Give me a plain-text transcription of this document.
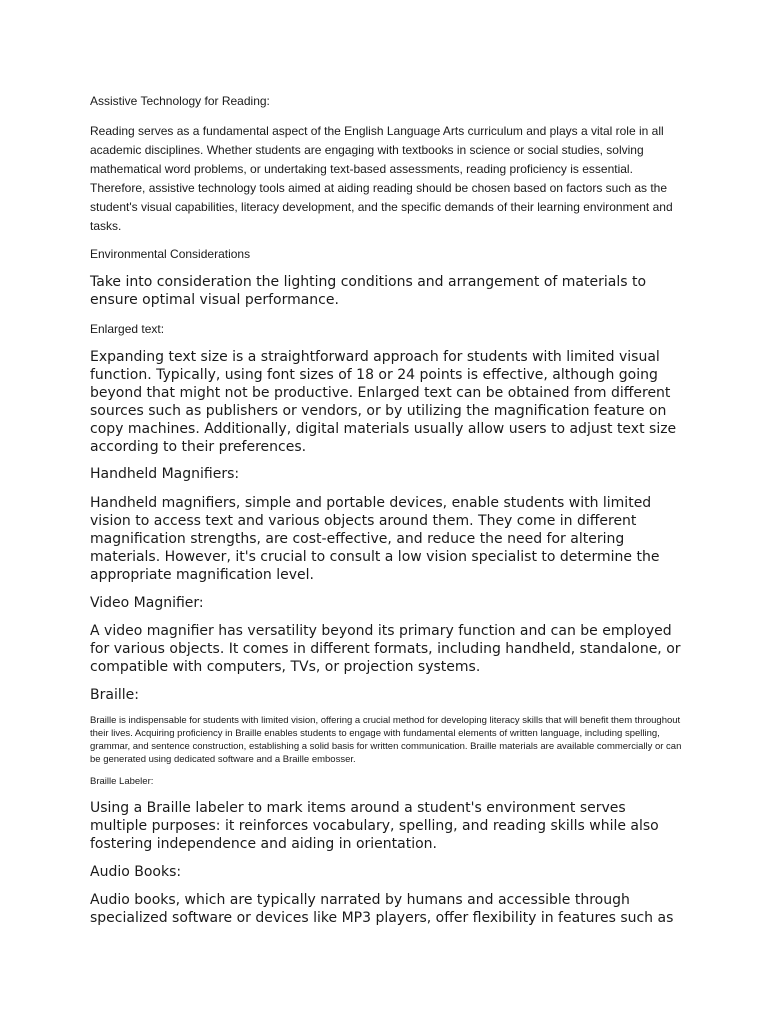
Assistive Technology for Reading:

Reading serves as a fundamental aspect of the English Language Arts curriculum and plays a vital role in all academic disciplines. Whether students are engaging with textbooks in science or social studies, solving mathematical word problems, or undertaking text-based assessments, reading proficiency is essential. Therefore, assistive technology tools aimed at aiding reading should be chosen based on factors such as the student's visual capabilities, literacy development, and the specific demands of their learning environment and tasks.

Environmental Considerations

Take into consideration the lighting conditions and arrangement of materials to ensure optimal visual performance.

Enlarged text:

Expanding text size is a straightforward approach for students with limited visual function. Typically, using font sizes of 18 or 24 points is effective, although going beyond that might not be productive. Enlarged text can be obtained from different sources such as publishers or vendors, or by utilizing the magnification feature on copy machines. Additionally, digital materials usually allow users to adjust text size according to their preferences.

Handheld Magnifiers:

Handheld magnifiers, simple and portable devices, enable students with limited vision to access text and various objects around them. They come in different magnification strengths, are cost-effective, and reduce the need for altering materials. However, it's crucial to consult a low vision specialist to determine the appropriate magnification level.

Video Magnifier:

A video magnifier has versatility beyond its primary function and can be employed for various objects. It comes in different formats, including handheld, standalone, or compatible with computers, TVs, or projection systems.

Braille:

Braille is indispensable for students with limited vision, offering a crucial method for developing literacy skills that will benefit them throughout their lives. Acquiring proficiency in Braille enables students to engage with fundamental elements of written language, including spelling, grammar, and sentence construction, establishing a solid basis for written communication. Braille materials are available commercially or can be generated using dedicated software and a Braille embosser.

Braille Labeler:

Using a Braille labeler to mark items around a student's environment serves multiple purposes: it reinforces vocabulary, spelling, and reading skills while also fostering independence and aiding in orientation.

Audio Books:

Audio books, which are typically narrated by humans and accessible through specialized software or devices like MP3 players, offer flexibility in features such as
